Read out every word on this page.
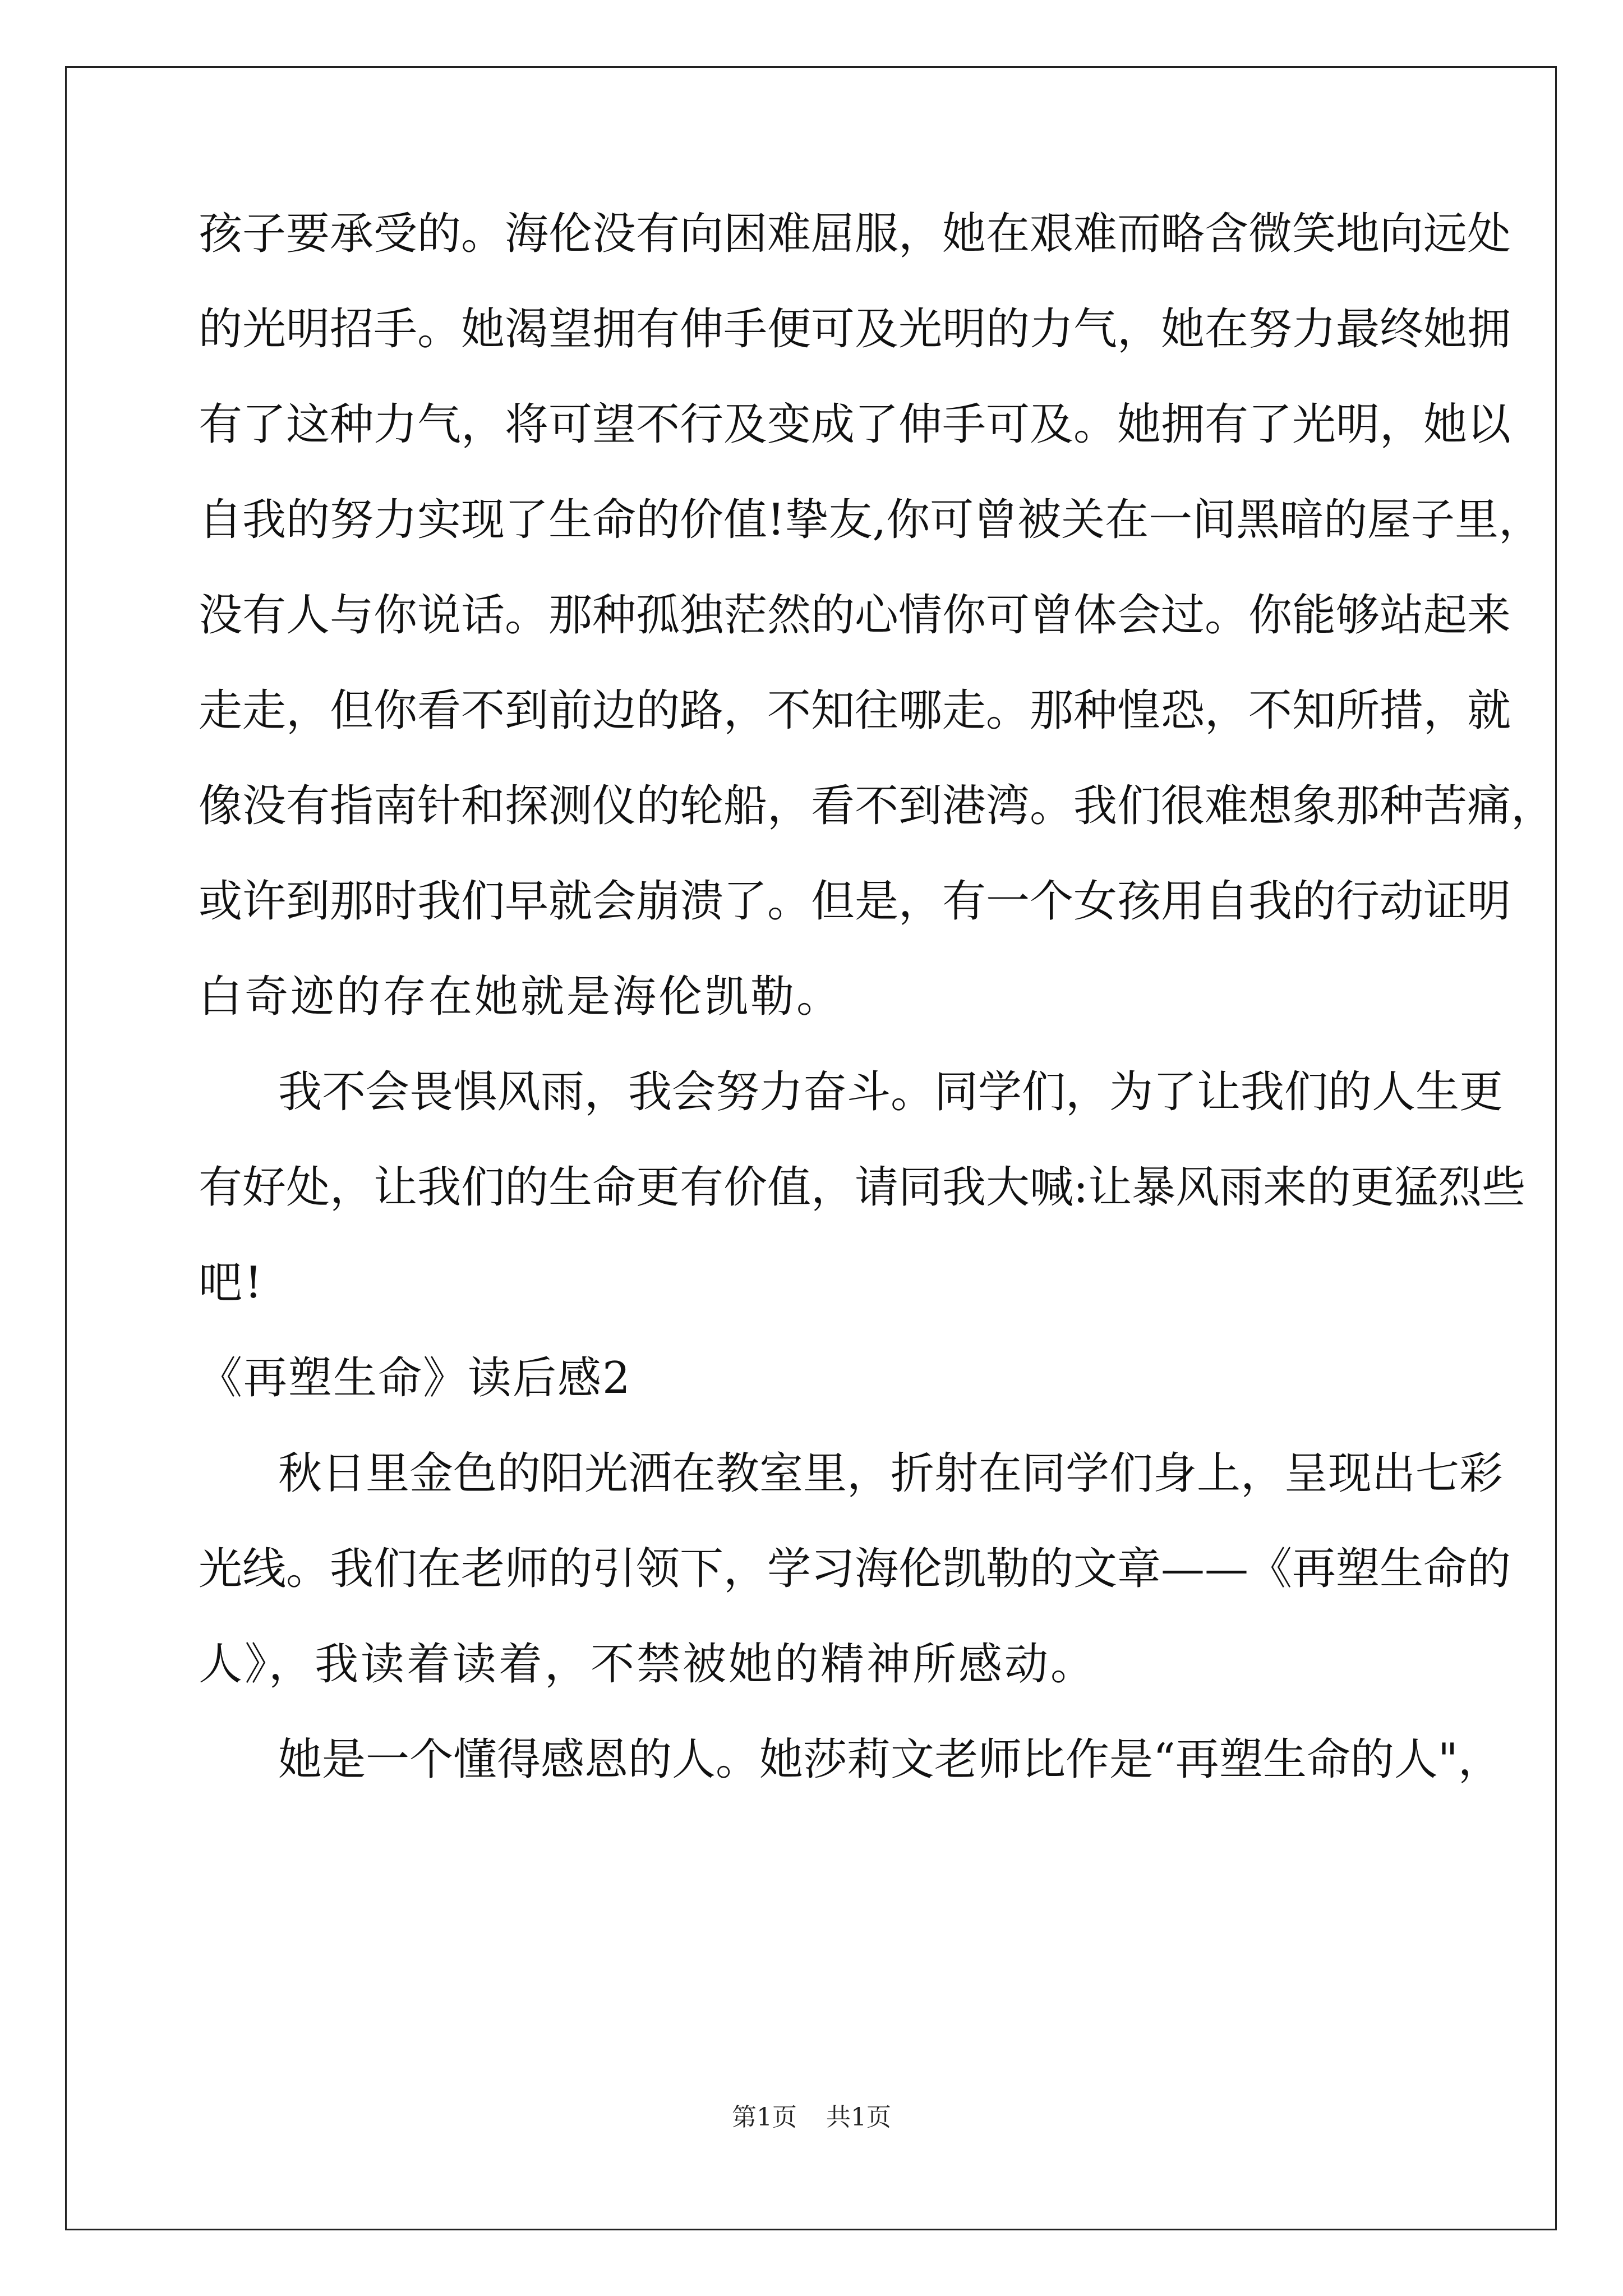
孩子要承受的。海伦没有向困难屈服，她在艰难而略含微笑地向远处
的光明招手。她渴望拥有伸手便可及光明的力气，她在努力最终她拥
有了这种力气，将可望不行及变成了伸手可及。她拥有了光明，她以
自我的努力实现了生命的价值!挚友,你可曾被关在一间黑暗的屋子里，
没有人与你说话。那种孤独茫然的心情你可曾体会过。你能够站起来
走走，但你看不到前边的路，不知往哪走。那种惶恐，不知所措，就
像没有指南针和探测仪的轮船，看不到港湾。我们很难想象那种苦痛，
或许到那时我们早就会崩溃了。但是，有一个女孩用自我的行动证明
白奇迹的存在她就是海伦凯勒。
我不会畏惧风雨，我会努力奋斗。同学们，为了让我们的人生更
有好处，让我们的生命更有价值，请同我大喊:让暴风雨来的更猛烈些
吧!
《再塑生命》读后感2
秋日里金色的阳光洒在教室里，折射在同学们身上，呈现出七彩
光线。我们在老师的引领下，学习海伦凯勒的文章——《再塑生命的
人》，我读着读着，不禁被她的精神所感动。
她是一个懂得感恩的人。她莎莉文老师比作是“再塑生命的人"，
第1页 共1页
